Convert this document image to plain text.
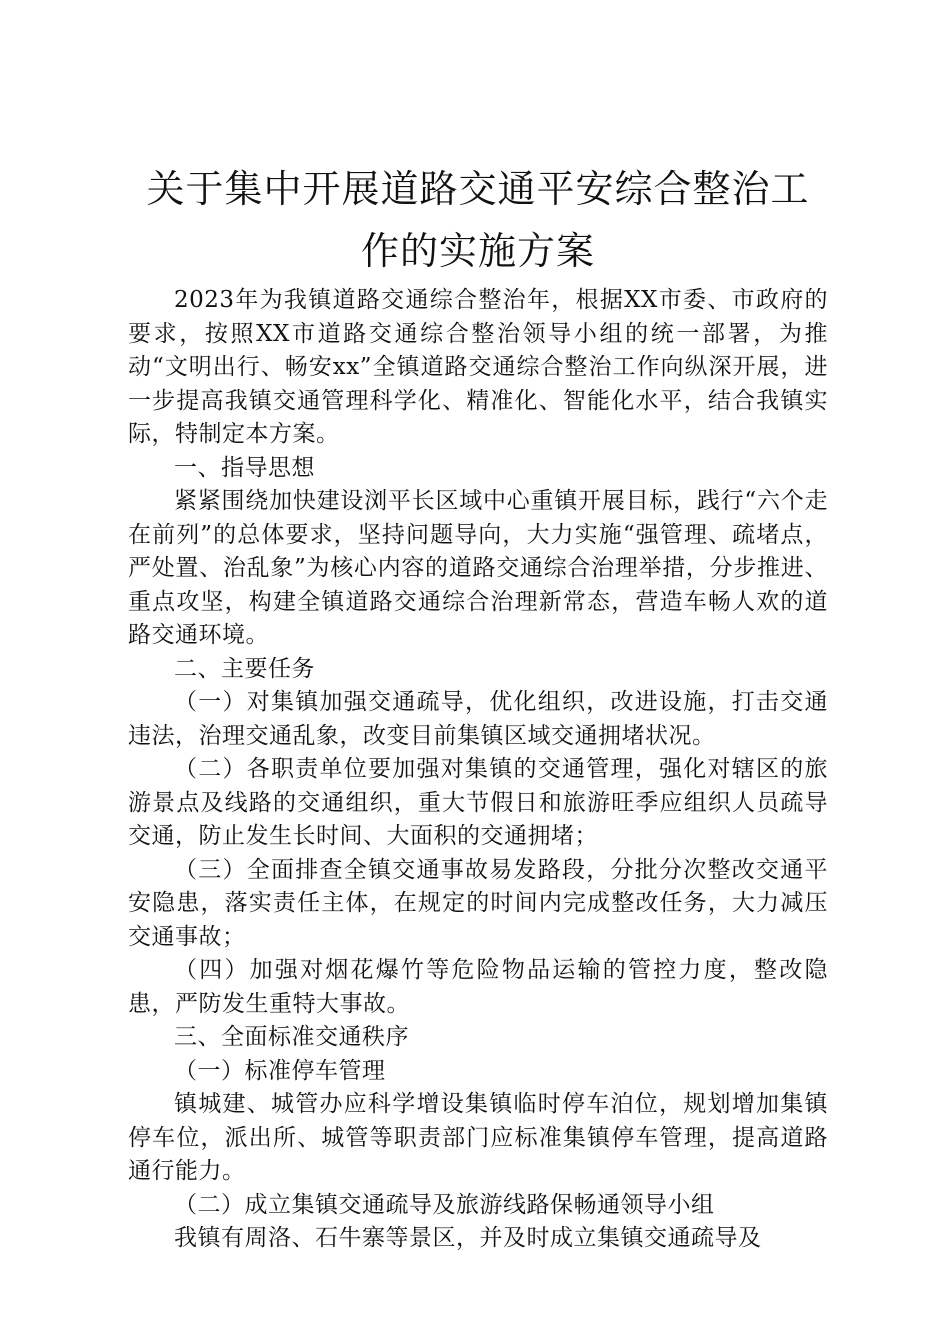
关于集中开展道路交通平安综合整治工作的实施方案

2023年为我镇道路交通综合整治年，根据XX市委、市政府的要求，按照XX市道路交通综合整治领导小组的统一部署，为推动“文明出行、畅安xx”全镇道路交通综合整治工作向纵深开展，进一步提高我镇交通管理科学化、精准化、智能化水平，结合我镇实际，特制定本方案。

一、指导思想

紧紧围绕加快建设浏平长区域中心重镇开展目标，践行“六个走在前列”的总体要求，坚持问题导向，大力实施“强管理、疏堵点，严处置、治乱象”为核心内容的道路交通综合治理举措，分步推进、重点攻坚，构建全镇道路交通综合治理新常态，营造车畅人欢的道路交通环境。

二、主要任务

（一）对集镇加强交通疏导，优化组织，改进设施，打击交通违法，治理交通乱象，改变目前集镇区域交通拥堵状况。

（二）各职责单位要加强对集镇的交通管理，强化对辖区的旅游景点及线路的交通组织，重大节假日和旅游旺季应组织人员疏导交通，防止发生长时间、大面积的交通拥堵；

（三）全面排查全镇交通事故易发路段，分批分次整改交通平安隐患，落实责任主体，在规定的时间内完成整改任务，大力减压交通事故；

（四）加强对烟花爆竹等危险物品运输的管控力度，整改隐患，严防发生重特大事故。

三、全面标准交通秩序

（一）标准停车管理

镇城建、城管办应科学增设集镇临时停车泊位，规划增加集镇停车位，派出所、城管等职责部门应标准集镇停车管理，提高道路通行能力。

（二）成立集镇交通疏导及旅游线路保畅通领导小组

我镇有周洛、石牛寨等景区，并及时成立集镇交通疏导及
